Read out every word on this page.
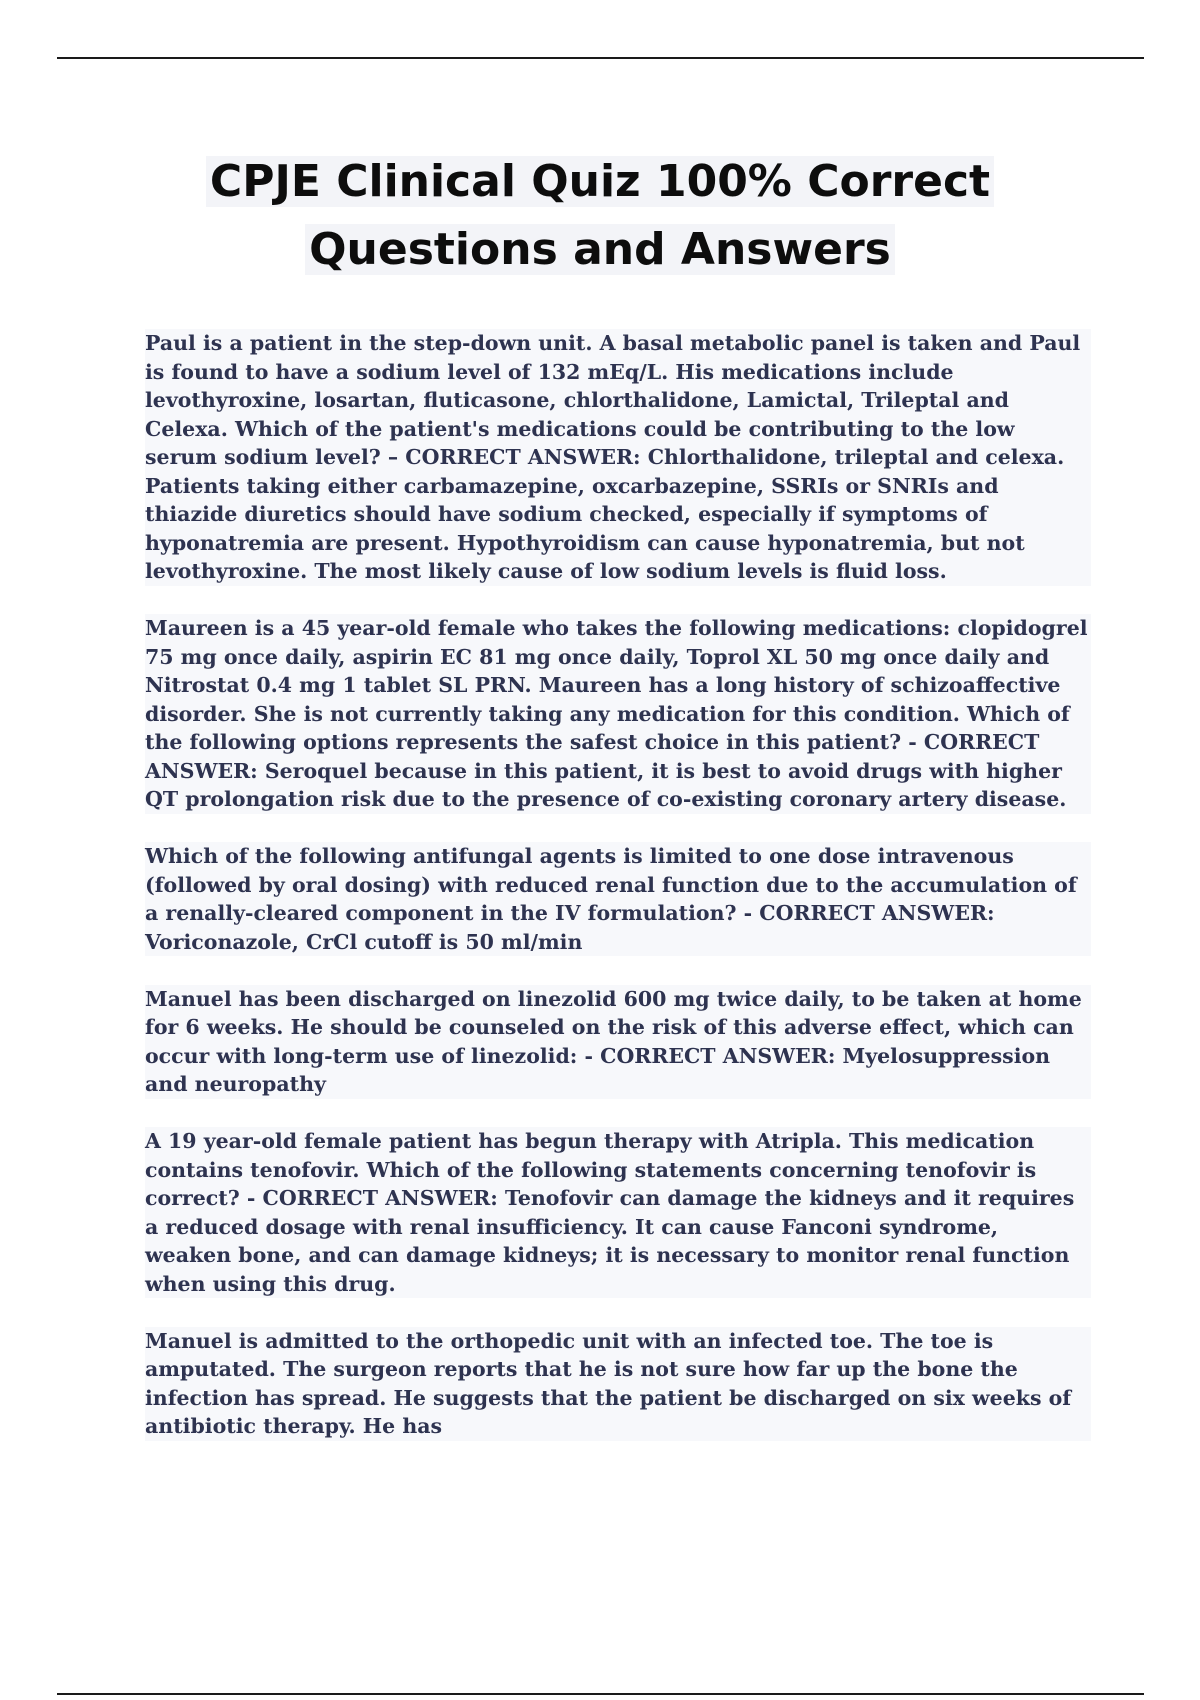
CPJE Clinical Quiz 100% Correct
Questions and Answers

Paul is a patient in the step-down unit. A basal metabolic panel is taken and Paul is found to have a sodium level of 132 mEq/L. His medications include levothyroxine, losartan, fluticasone, chlorthalidone, Lamictal, Trileptal and Celexa. Which of the patient's medications could be contributing to the low serum sodium level? – CORRECT ANSWER: Chlorthalidone, trileptal and celexa.

Patients taking either carbamazepine, oxcarbazepine, SSRIs or SNRIs and thiazide diuretics should have sodium checked, especially if symptoms of hyponatremia are present. Hypothyroidism can cause hyponatremia, but not levothyroxine. The most likely cause of low sodium levels is fluid loss.

Maureen is a 45 year-old female who takes the following medications: clopidogrel 75 mg once daily, aspirin EC 81 mg once daily, Toprol XL 50 mg once daily and Nitrostat 0.4 mg 1 tablet SL PRN. Maureen has a long history of schizoaffective disorder. She is not currently taking any medication for this condition. Which of the following options represents the safest choice in this patient? - CORRECT ANSWER: Seroquel because in this patient, it is best to avoid drugs with higher QT prolongation risk due to the presence of co-existing coronary artery disease.

Which of the following antifungal agents is limited to one dose intravenous (followed by oral dosing) with reduced renal function due to the accumulation of a renally-cleared component in the IV formulation? - CORRECT ANSWER: Voriconazole, CrCl cutoff is 50 ml/min

Manuel has been discharged on linezolid 600 mg twice daily, to be taken at home for 6 weeks. He should be counseled on the risk of this adverse effect, which can occur with long-term use of linezolid: - CORRECT ANSWER: Myelosuppression and neuropathy

A 19 year-old female patient has begun therapy with Atripla. This medication contains tenofovir. Which of the following statements concerning tenofovir is correct? - CORRECT ANSWER: Tenofovir can damage the kidneys and it requires a reduced dosage with renal insufficiency. It can cause Fanconi syndrome, weaken bone, and can damage kidneys; it is necessary to monitor renal function when using this drug.

Manuel is admitted to the orthopedic unit with an infected toe. The toe is amputated. The surgeon reports that he is not sure how far up the bone the infection has spread. He suggests that the patient be discharged on six weeks of antibiotic therapy. He has
